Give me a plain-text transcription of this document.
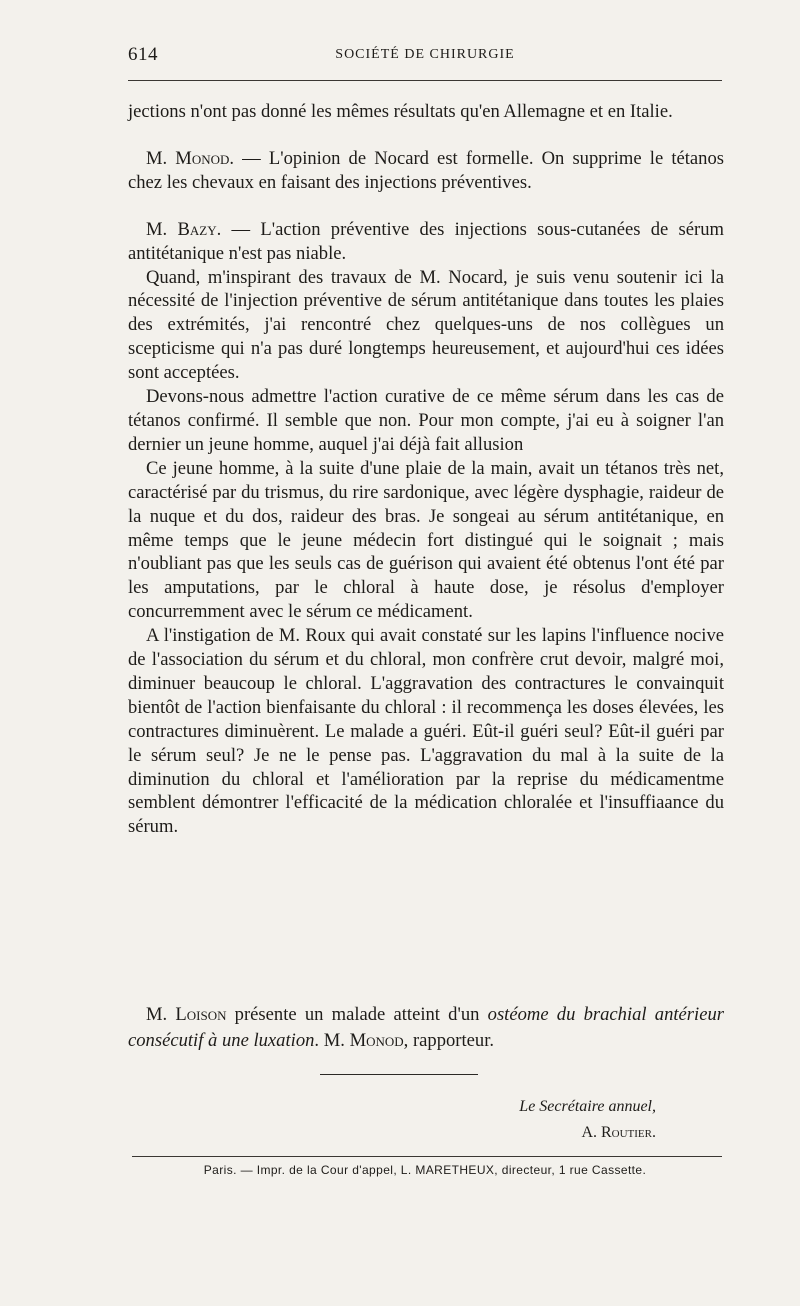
614	SOCIÉTÉ DE CHIRURGIE

jections n'ont pas donné les mêmes résultats qu'en Allemagne et en Italie.

M. Monod. — L'opinion de Nocard est formelle. On supprime le tétanos chez les chevaux en faisant des injections préventives.

M. Bazy. — L'action préventive des injections sous-cutanées de sérum antitétanique n'est pas niable.

Quand, m'inspirant des travaux de M. Nocard, je suis venu soutenir ici la nécessité de l'injection préventive de sérum antitétanique dans toutes les plaies des extrémités, j'ai rencontré chez quelques-uns de nos collègues un scepticisme qui n'a pas duré longtemps heureusement, et aujourd'hui ces idées sont acceptées.

Devons-nous admettre l'action curative de ce même sérum dans les cas de tétanos confirmé. Il semble que non. Pour mon compte, j'ai eu à soigner l'an dernier un jeune homme, auquel j'ai déjà fait allusion

Ce jeune homme, à la suite d'une plaie de la main, avait un tétanos très net, caractérisé par du trismus, du rire sardonique, avec légère dysphagie, raideur de la nuque et du dos, raideur des bras. Je songeai au sérum antitétanique, en même temps que le jeune médecin fort distingué qui le soignait ; mais n'oubliant pas que les seuls cas de guérison qui avaient été obtenus l'ont été par les amputations, par le chloral à haute dose, je résolus d'employer concurremment avec le sérum ce médicament.

A l'instigation de M. Roux qui avait constaté sur les lapins l'influence nocive de l'association du sérum et du chloral, mon confrère crut devoir, malgré moi, diminuer beaucoup le chloral. L'aggravation des contractures le convainquit bientôt de l'action bienfaisante du chloral : il recommença les doses élevées, les contractures diminuèrent. Le malade a guéri. Eût-il guéri seul? Eût-il guéri par le sérum seul? Je ne le pense pas. L'aggravation du mal à la suite de la diminution du chloral et l'amélioration par la reprise du médicamentme semblent démontrer l'efficacité de la médication chloralée et l'insuffiaance du sérum.

M. Loison présente un malade atteint d'un ostéome du brachial antérieur consécutif à une luxation. M. Monod, rapporteur.
Le Secrétaire annuel,
A. Routier.
Paris. — Impr. de la Cour d'appel, L. MARETHEUX, directeur, 1 rue Cassette.
